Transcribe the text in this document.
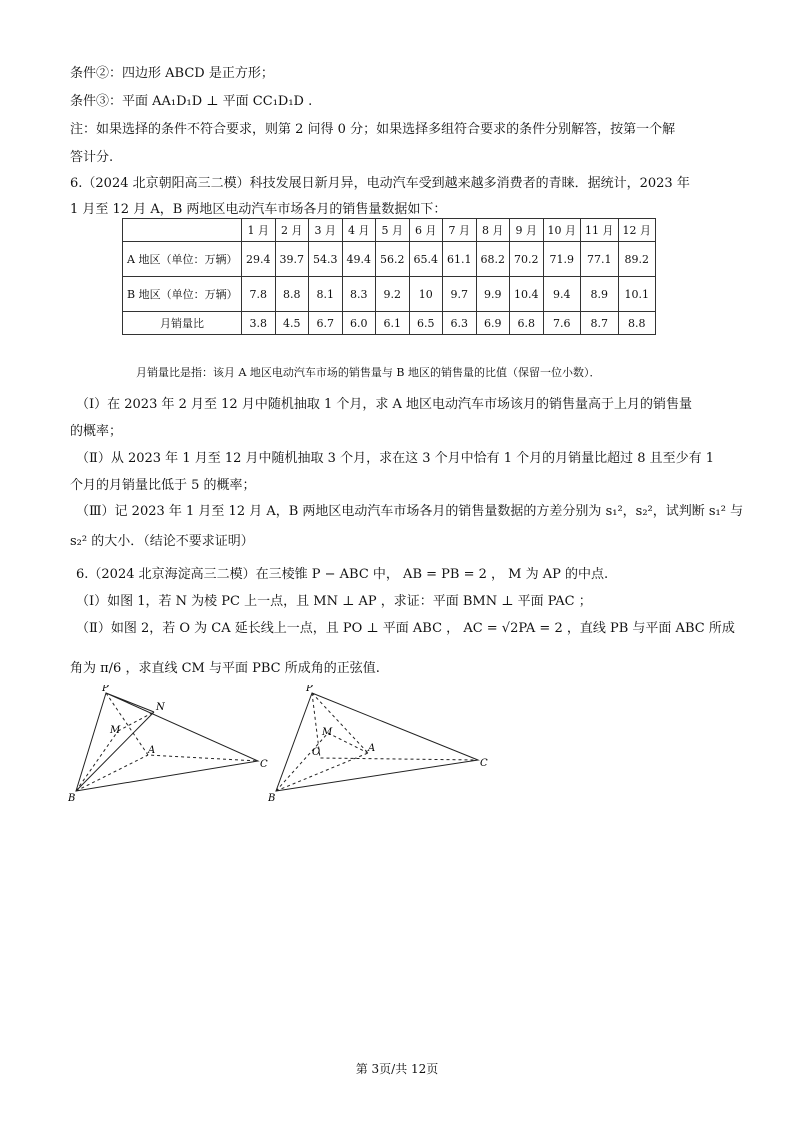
	1 月	2 月	3 月	4 月	5 月	6 月	7 月	8 月	9 月	10 月	11 月	12 月
A 地区（单位：万辆）	29.4	39.7	54.3	49.4	56.2	65.4	61.1	68.2	70.2	71.9	77.1	89.2
B 地区（单位：万辆）	7.8	8.8	8.1	8.3	9.2	10	9.7	9.9	10.4	9.4	8.9	10.1
月销量比	3.8	4.5	6.7	6.0	6.1	6.5	6.3	6.9	6.8	7.6	8.7	8.8
月销量比是指：该月 A 地区电动汽车市场的销售量与 B 地区的销售量的比值（保留一位小数）．
P
N
M
A
C
B
P
M
O	A
C
B
第 3页/共 12页
条件②：四边形 ABCD 是正方形；
条件③：平面 AA₁D₁D ⊥ 平面 CC₁D₁D .
注：如果选择的条件不符合要求，则第 2 问得 0 分；如果选择多组符合要求的条件分别解答，按第一个解
答计分.
6.（2024 北京朝阳高三二模）科技发展日新月异，电动汽车受到越来越多消费者的青睐．据统计，2023 年
1 月至 12 月 A，B 两地区电动汽车市场各月的销售量数据如下：
（Ⅰ）在 2023 年 2 月至 12 月中随机抽取 1 个月，求 A 地区电动汽车市场该月的销售量高于上月的销售量
的概率；
（Ⅱ）从 2023 年 1 月至 12 月中随机抽取 3 个月，求在这 3 个月中恰有 1 个月的月销量比超过 8 且至少有 1
个月的月销量比低于 5 的概率；
（Ⅲ）记 2023 年 1 月至 12 月 A，B 两地区电动汽车市场各月的销售量数据的方差分别为 s₁²，s₂²，试判断 s₁² 与
s₂² 的大小．（结论不要求证明）
6.（2024 北京海淀高三二模）在三棱锥 P − ABC 中， AB = PB = 2 ， M 为 AP 的中点.
（Ⅰ）如图 1，若 N 为棱 PC 上一点，且 MN ⊥ AP ，求证：平面 BMN ⊥ 平面 PAC ；
（Ⅱ）如图 2，若 O 为 CA 延长线上一点，且 PO ⊥ 平面 ABC ， AC = √2PA = 2 ，直线 PB 与平面 ABC 所成
角为 π/6 ，求直线 CM 与平面 PBC 所成角的正弦值.
